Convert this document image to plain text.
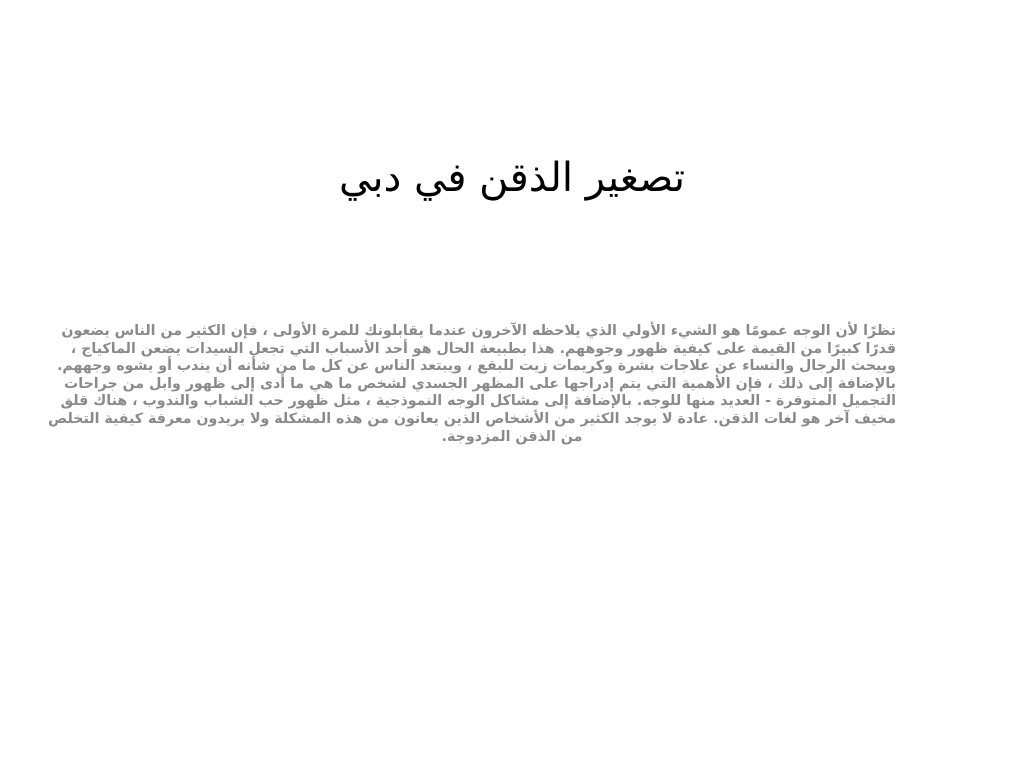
تصغير الذقن في دبي
نظرًا لأن الوجه عمومًا هو الشيء الأولي الذي يلاحظه الآخرون عندما يقابلونك للمرة الأولى ، فإن الكثير من الناس يضعون
قدرًا كبيرًا من القيمة على كيفية ظهور وجوههم. هذا بطبيعة الحال هو أحد الأسباب التي تجعل السيدات يضعن الماكياج ،
ويبحث الرجال والنساء عن علاجات بشرة وكريمات زيت للبقع ، ويبتعد الناس عن كل ما من شأنه أن يندب أو يشوه وجههم.
بالإضافة إلى ذلك ، فإن الأهمية التي يتم إدراجها على المظهر الجسدي لشخص ما هي ما أدى إلى ظهور وابل من جراحات
التجميل المتوفرة - العديد منها للوجه. بالإضافة إلى مشاكل الوجه النموذجية ، مثل ظهور حب الشباب والندوب ، هناك قلق
مخيف آخر هو لغات الذقن. عادة لا يوجد الكثير من الأشخاص الذين يعانون من هذه المشكلة ولا يريدون معرفة كيفية التخلص
من الذقن المزدوجة.
